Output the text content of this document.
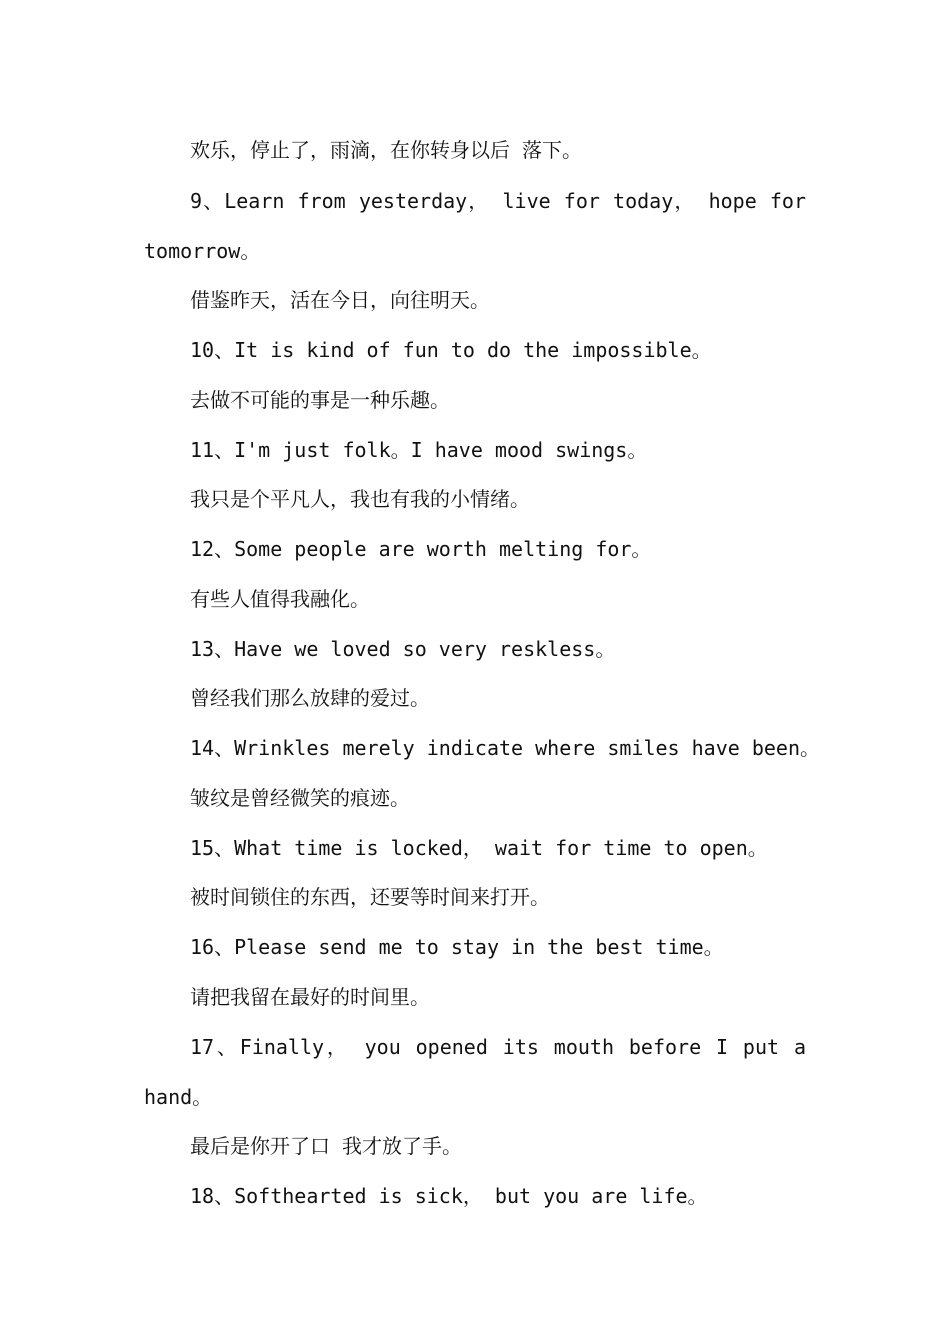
欢乐，停止了，雨滴，在你转身以后 落下。
9、Learn from yesterday， live for today， hope for
tomorrow。
借鉴昨天，活在今日，向往明天。
10、It is kind of fun to do the impossible。
去做不可能的事是一种乐趣。
11、I'm just folk。I have mood swings。
我只是个平凡人，我也有我的小情绪。
12、Some people are worth melting for。
有些人值得我融化。
13、Have we loved so very reskless。
曾经我们那么放肆的爱过。
14、Wrinkles merely indicate where smiles have been。
皱纹是曾经微笑的痕迹。
15、What time is locked， wait for time to open。
被时间锁住的东西，还要等时间来打开。
16、Please send me to stay in the best time。
请把我留在最好的时间里。
17、Finally， you opened its mouth before I put a
hand。
最后是你开了口 我才放了手。
18、Softhearted is sick， but you are life。
